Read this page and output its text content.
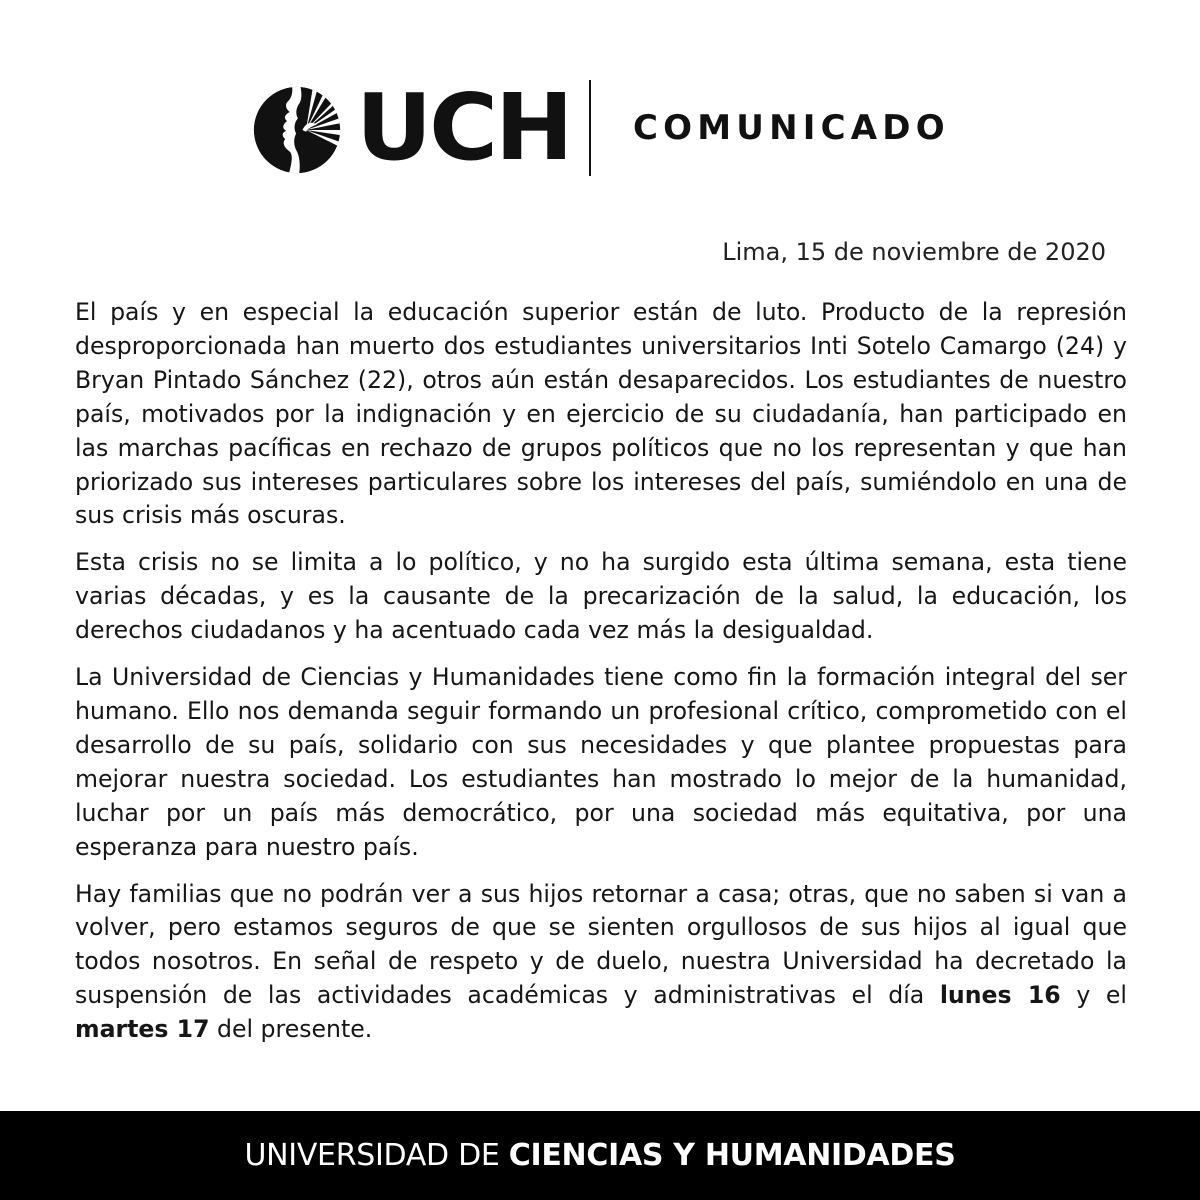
UCH COMUNICADO
Lima, 15 de noviembre de 2020

El país y en especial la educación superior están de luto. Producto de la represión desproporcionada han muerto dos estudiantes universitarios Inti Sotelo Camargo (24) y Bryan Pintado Sánchez (22), otros aún están desaparecidos. Los estudiantes de nuestro país, motivados por la indignación y en ejercicio de su ciudadanía, han participado en las marchas pacíficas en rechazo de grupos políticos que no los representan y que han priorizado sus intereses particulares sobre los intereses del país, sumiéndolo en una de sus crisis más oscuras.

Esta crisis no se limita a lo político, y no ha surgido esta última semana, esta tiene varias décadas, y es la causante de la precarización de la salud, la educación, los derechos ciudadanos y ha acentuado cada vez más la desigualdad.

La Universidad de Ciencias y Humanidades tiene como fin la formación integral del ser humano. Ello nos demanda seguir formando un profesional crítico, comprometido con el desarrollo de su país, solidario con sus necesidades y que plantee propuestas para mejorar nuestra sociedad. Los estudiantes han mostrado lo mejor de la humanidad, luchar por un país más democrático, por una sociedad más equitativa, por una esperanza para nuestro país.

Hay familias que no podrán ver a sus hijos retornar a casa; otras, que no saben si van a volver, pero estamos seguros de que se sienten orgullosos de sus hijos al igual que todos nosotros. En señal de respeto y de duelo, nuestra Universidad ha decretado la suspensión de las actividades académicas y administrativas el día lunes 16 y el martes 17 del presente.

UNIVERSIDAD DE CIENCIAS Y HUMANIDADES
